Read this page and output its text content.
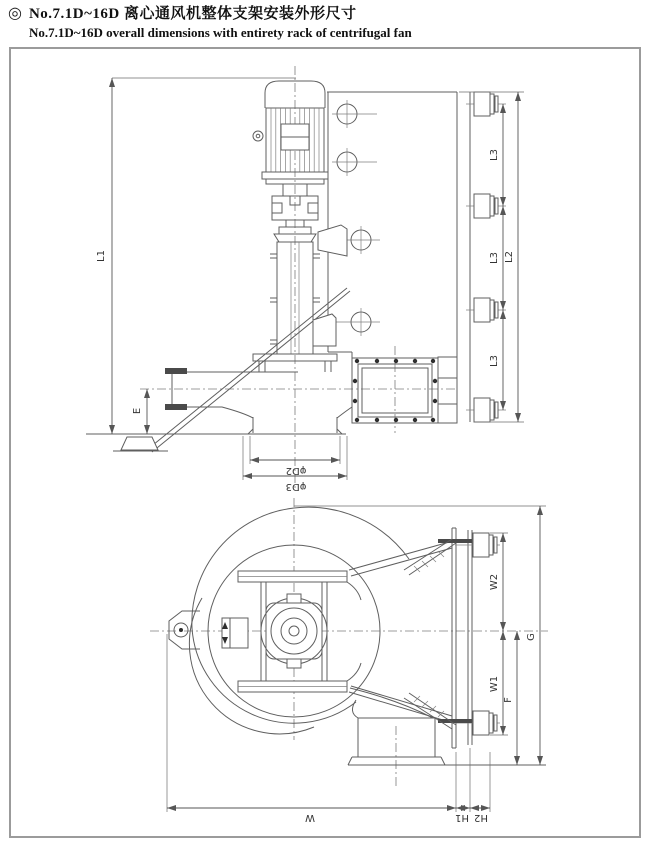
◎ No.7.1D~16D 离心通风机整体支架安装外形尺寸
No.7.1D~16D overall dimensions with entirety rack of centrifugal fan
L1
E
φD2
φD3
L3
L3
L3
L2
W2
W1
F
G
W	H1 H2
